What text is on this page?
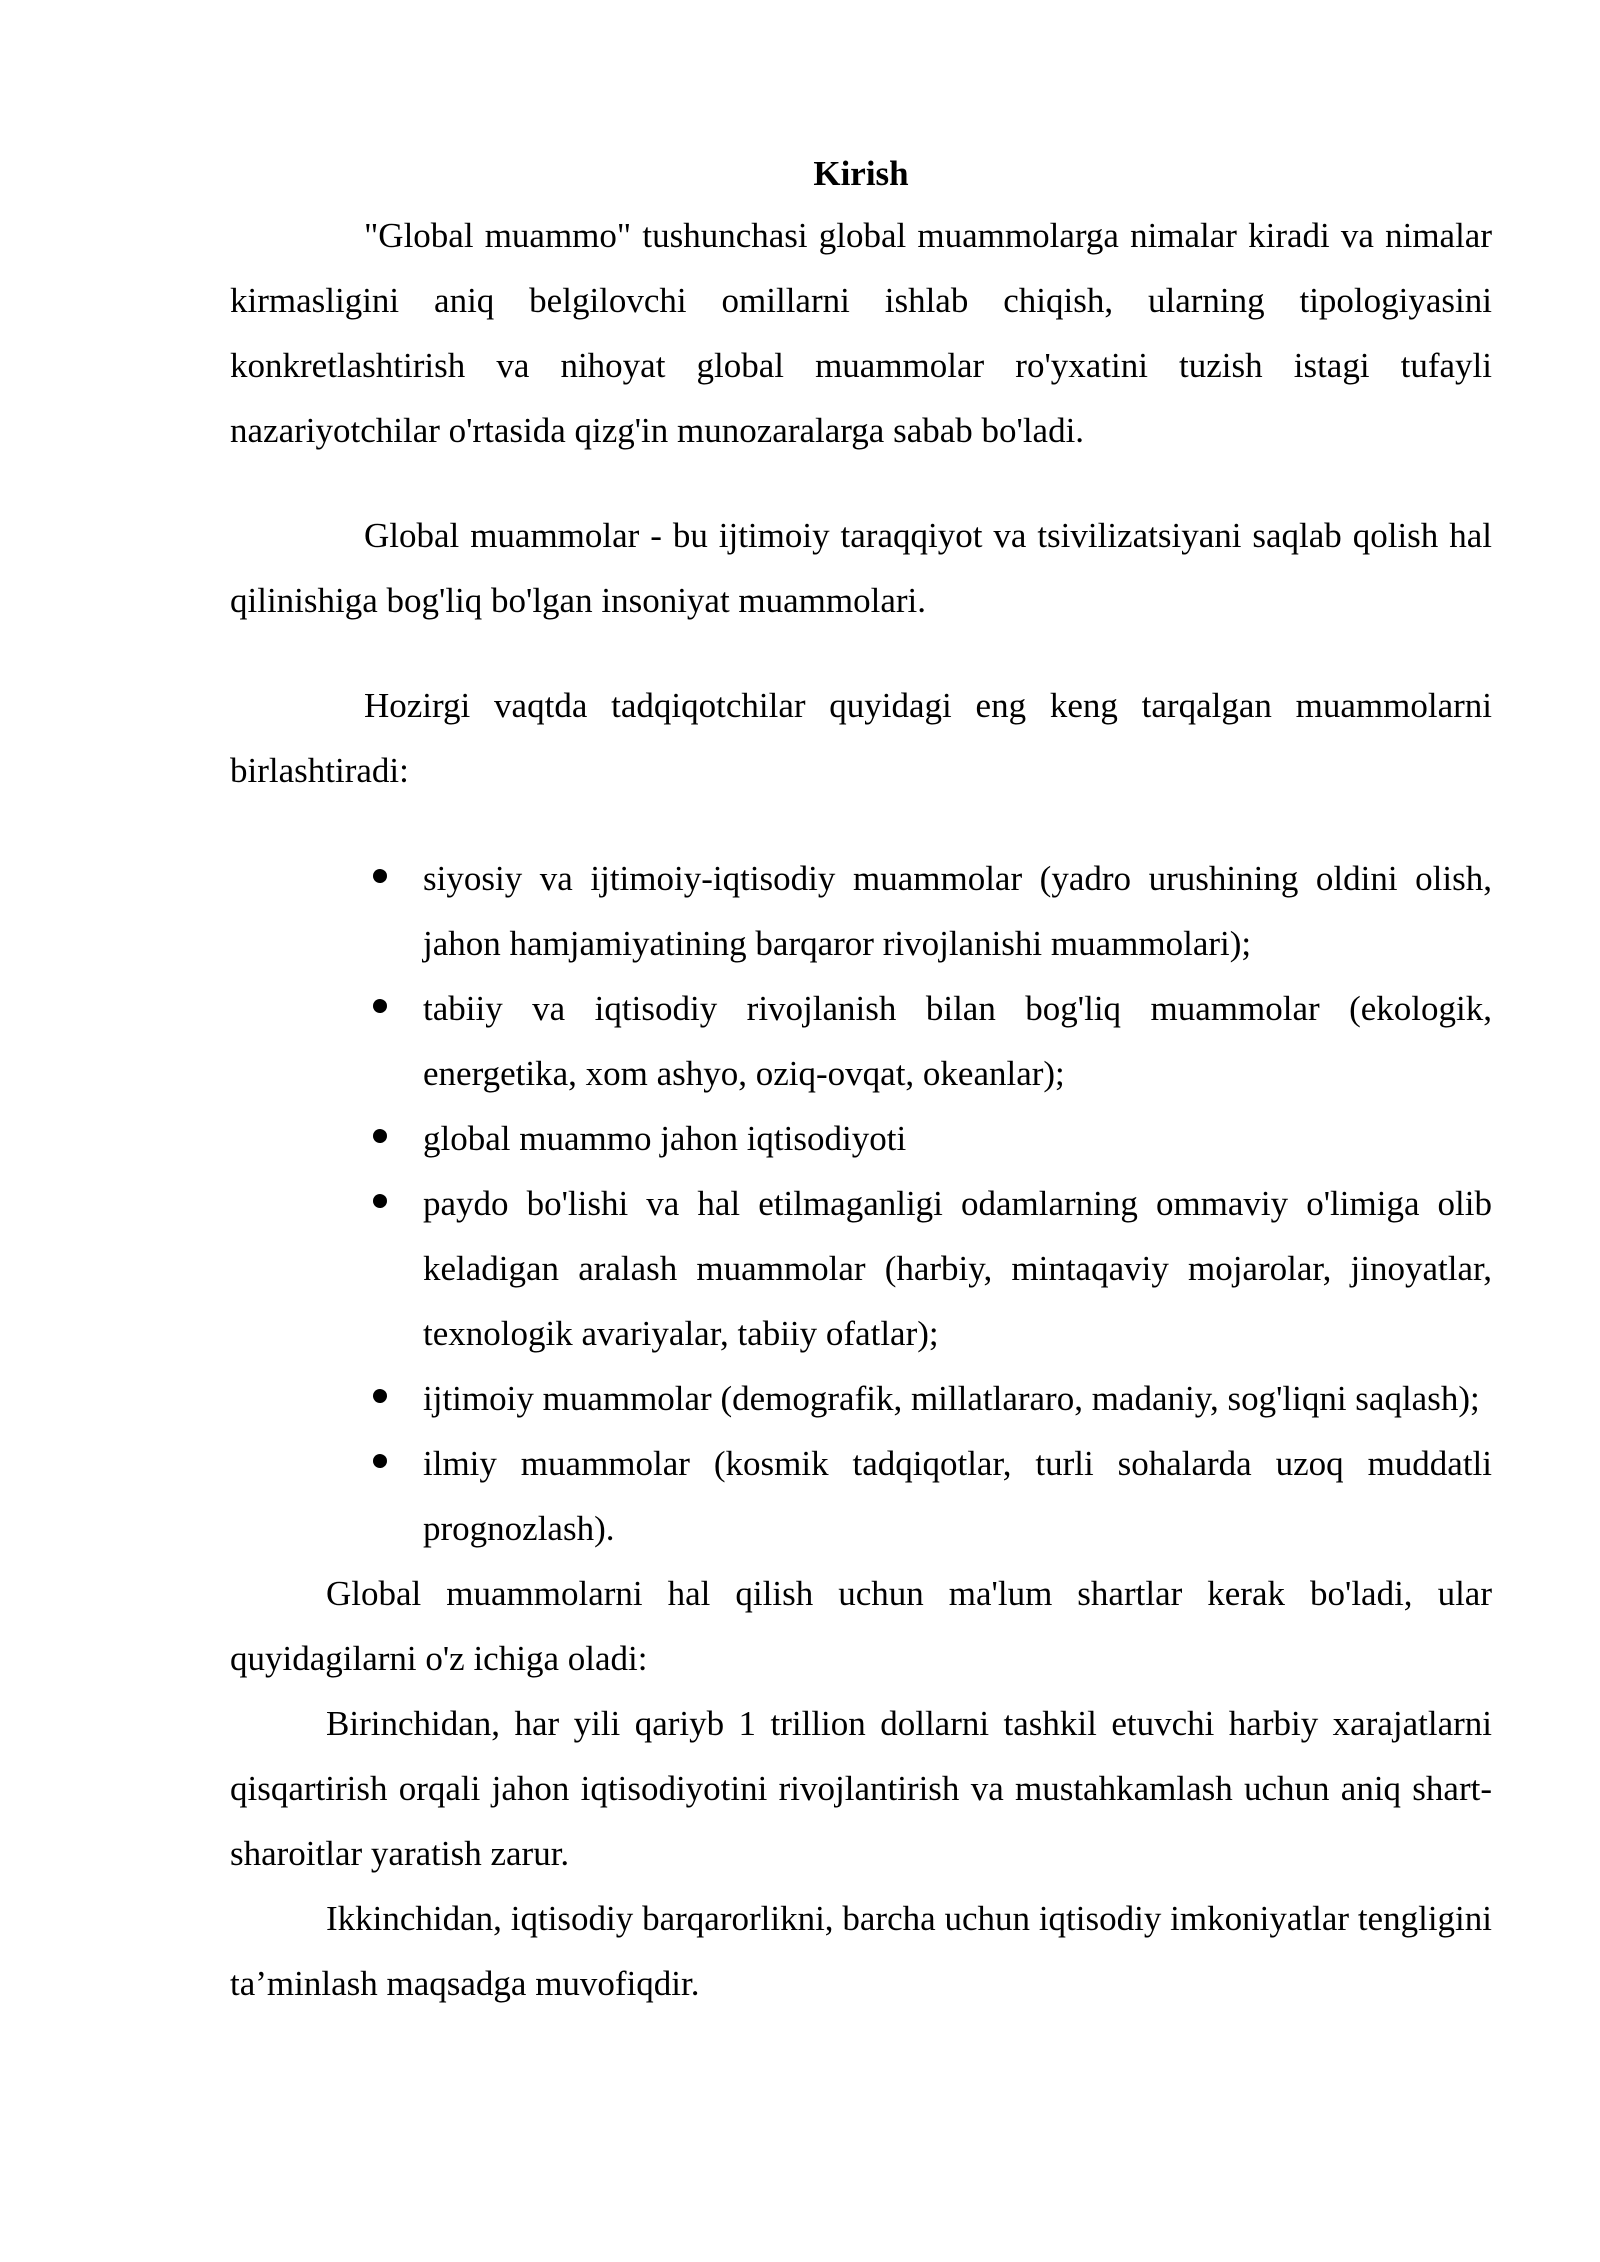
Kirish

"Global muammo" tushunchasi global muammolarga nimalar kiradi va nimalar kirmasligini aniq belgilovchi omillarni ishlab chiqish, ularning tipologiyasini konkretlashtirish va nihoyat global muammolar ro'yxatini tuzish istagi tufayli nazariyotchilar o'rtasida qizg'in munozaralarga sabab bo'ladi.

Global muammolar - bu ijtimoiy taraqqiyot va tsivilizatsiyani saqlab qolish hal qilinishiga bog'liq bo'lgan insoniyat muammolari.

Hozirgi vaqtda tadqiqotchilar quyidagi eng keng tarqalgan muammolarni birlashtiradi:

siyosiy va ijtimoiy-iqtisodiy muammolar (yadro urushining oldini olish, jahon hamjamiyatining barqaror rivojlanishi muammolari);
tabiiy va iqtisodiy rivojlanish bilan bog'liq muammolar (ekologik, energetika, xom ashyo, oziq-ovqat, okeanlar);
global muammo jahon iqtisodiyoti
paydo bo'lishi va hal etilmaganligi odamlarning ommaviy o'limiga olib keladigan aralash muammolar (harbiy, mintaqaviy mojarolar, jinoyatlar, texnologik avariyalar, tabiiy ofatlar);
ijtimoiy muammolar (demografik, millatlararo, madaniy, sog'liqni saqlash);
ilmiy muammolar (kosmik tadqiqotlar, turli sohalarda uzoq muddatli prognozlash).

Global muammolarni hal qilish uchun ma'lum shartlar kerak bo'ladi, ular quyidagilarni o'z ichiga oladi:

Birinchidan, har yili qariyb 1 trillion dollarni tashkil etuvchi harbiy xarajatlarni qisqartirish orqali jahon iqtisodiyotini rivojlantirish va mustahkamlash uchun aniq shart-sharoitlar yaratish zarur.

Ikkinchidan, iqtisodiy barqarorlikni, barcha uchun iqtisodiy imkoniyatlar tengligini ta’minlash maqsadga muvofiqdir.
